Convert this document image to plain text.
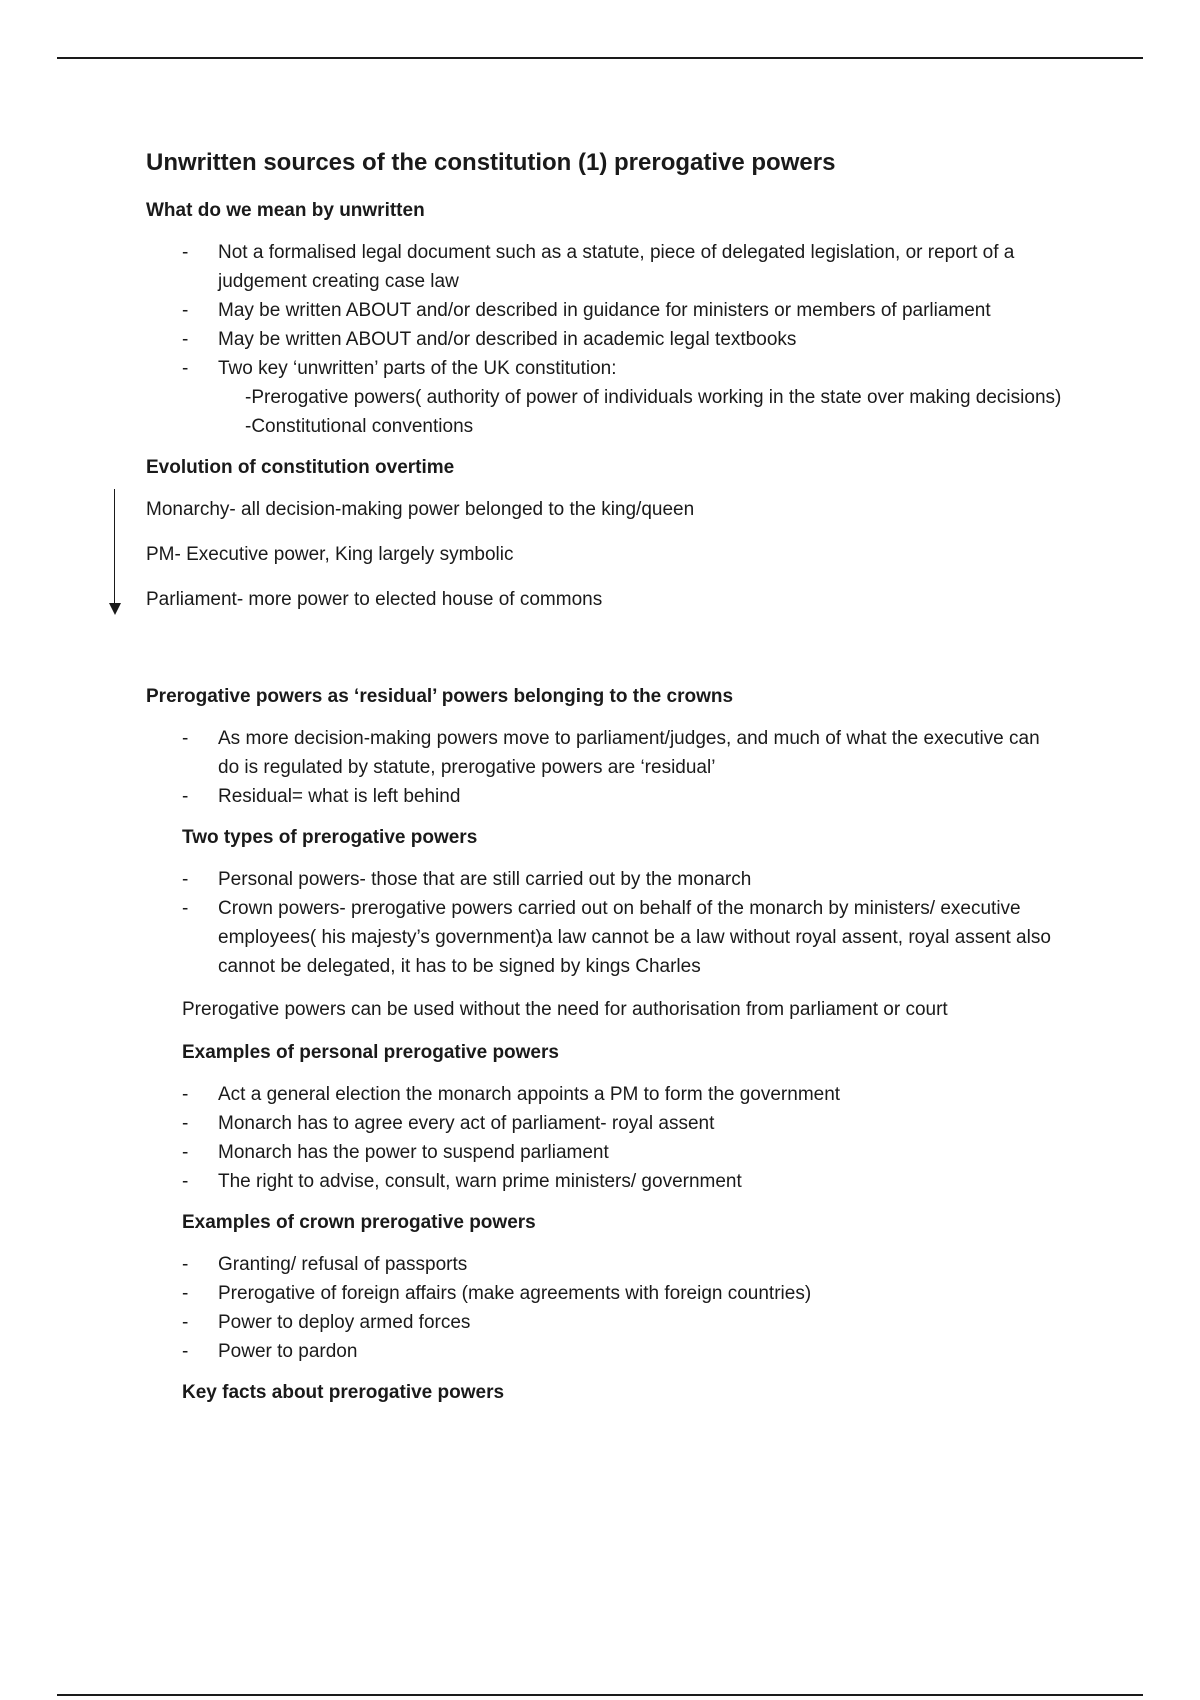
Unwritten sources of the constitution (1) prerogative powers
What do we mean by unwritten
- Not a formalised legal document such as a statute, piece of delegated legislation, or report of a judgement creating case law
- May be written ABOUT and/or described in guidance for ministers or members of parliament
- May be written ABOUT and/or described in academic legal textbooks
- Two key ‘unwritten’ parts of the UK constitution:
-Prerogative powers( authority of power of individuals working in the state over making decisions)
-Constitutional conventions
Evolution of constitution overtime

Monarchy- all decision-making power belonged to the king/queen

PM- Executive power, King largely symbolic

Parliament- more power to elected house of commons

Prerogative powers as ‘residual’ powers belonging to the crowns
- As more decision-making powers move to parliament/judges, and much of what the executive can do is regulated by statute, prerogative powers are ‘residual’
- Residual= what is left behind
Two types of prerogative powers
- Personal powers- those that are still carried out by the monarch
- Crown powers- prerogative powers carried out on behalf of the monarch by ministers/ executive employees( his majesty’s government)a law cannot be a law without royal assent, royal assent also cannot be delegated, it has to be signed by kings Charles

Prerogative powers can be used without the need for authorisation from parliament or court

Examples of personal prerogative powers
- Act a general election the monarch appoints a PM to form the government
- Monarch has to agree every act of parliament- royal assent
- Monarch has the power to suspend parliament
- The right to advise, consult, warn prime ministers/ government
Examples of crown prerogative powers
- Granting/ refusal of passports
- Prerogative of foreign affairs (make agreements with foreign countries)
- Power to deploy armed forces
- Power to pardon
Key facts about prerogative powers
